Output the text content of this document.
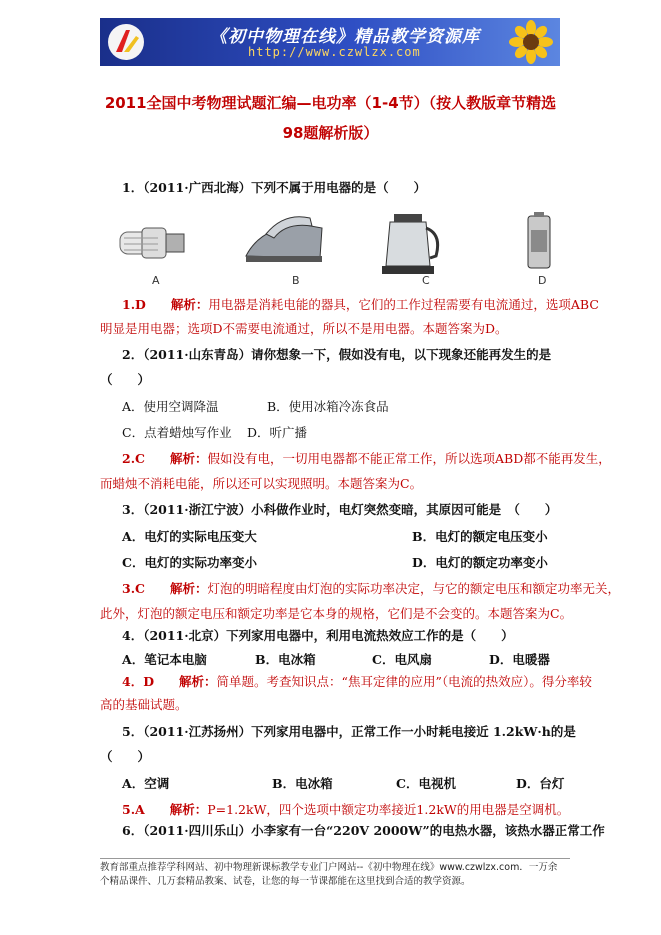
《初中物理在线》精品教学资源库
http://www.czwlzx.com
2011全国中考物理试题汇编—电功率（1-4节）（按人教版章节精选
98题解析版）
1．（2011·广西北海）下列不属于用电器的是（　　）
A	B	C	D
1.D　　解析：用电器是消耗电能的器具，它们的工作过程需要有电流通过，选项ABC
明显是用电器；选项D不需要电流通过，所以不是用电器。本题答案为D。
2．（2011·山东青岛）请你想象一下，假如没有电，以下现象还能再发生的是
（　　）
A．使用空调降温	B．使用冰箱冷冻食品
C．点着蜡烛写作业 D．听广播
2.C　　解析：假如没有电，一切用电器都不能正常工作，所以选项ABD都不能再发生，
而蜡烛不消耗电能，所以还可以实现照明。本题答案为C。
3．（2011·浙江宁波）小科做作业时，电灯突然变暗，其原因可能是　（　　）
A．电灯的实际电压变大	B．电灯的额定电压变小
C．电灯的实际功率变小	D．电灯的额定功率变小
3.C　　解析：灯泡的明暗程度由灯泡的实际功率决定，与它的额定电压和额定功率无关，
此外，灯泡的额定电压和额定功率是它本身的规格，它们是不会变的。本题答案为C。
4．（2011·北京）下列家用电器中，利用电流热效应工作的是（　　）
A．笔记本电脑	B．电冰箱	C．电风扇	D．电暖器
4．D　　解析：简单题。考查知识点：“焦耳定律的应用”（电流的热效应）。得分率较
高的基础试题。
5．（2011·江苏扬州）下列家用电器中，正常工作一小时耗电接近 1.2kW·h的是
（　　）
A．空调	B．电冰箱	C．电视机	D．台灯
5.A　　解析：P=1.2kW，四个选项中额定功率接近1.2kW的用电器是空调机。
6．（2011·四川乐山）小李家有一台“220V 2000W”的电热水器，该热水器正常工作
教育部重点推荐学科网站、初中物理新课标教学专业门户网站--《初中物理在线》www.czwlzx.com．一万余
个精品课件、几万套精品教案、试卷，让您的每一节课都能在这里找到合适的教学资源。
